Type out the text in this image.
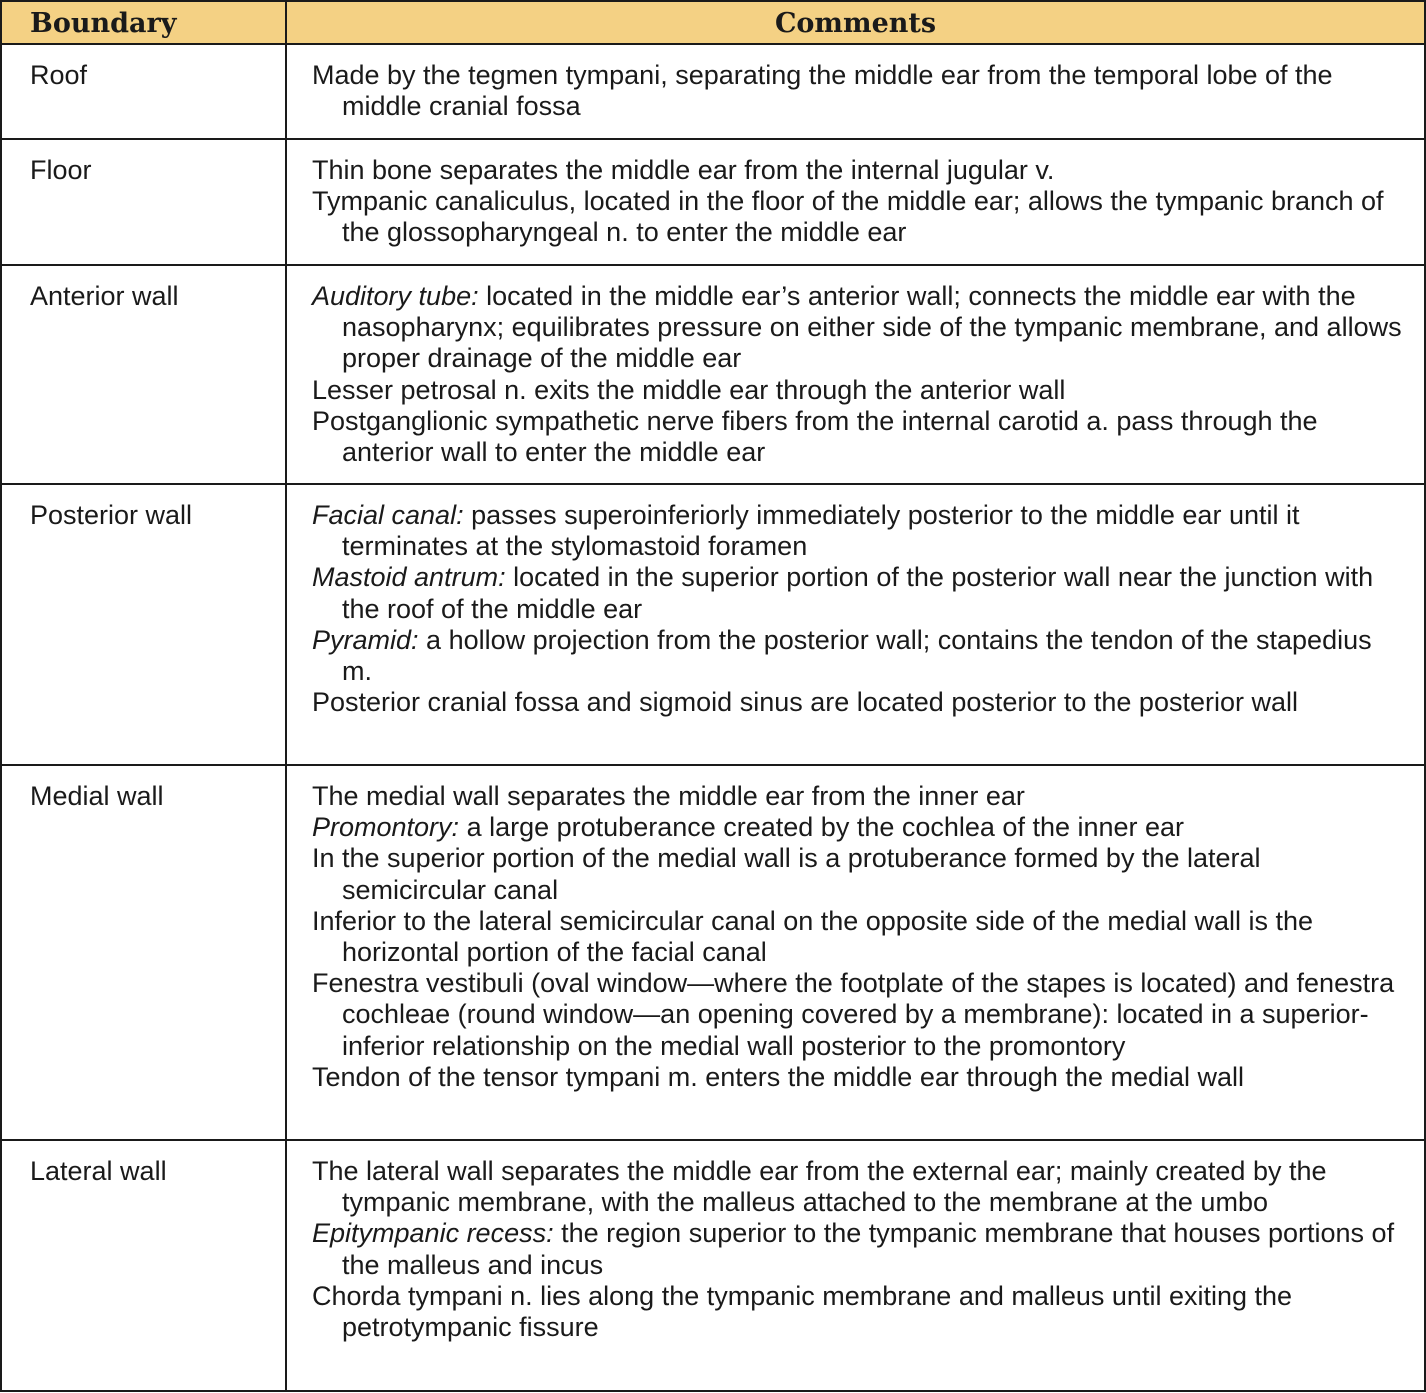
Boundary	Comments
Roof	Made by the tegmen tympani, separating the middle ear from the temporal lobe of the middle cranial fossa

Floor	Thin bone separates the middle ear from the internal jugular v.

Tympanic canaliculus, located in the floor of the middle ear; allows the tympanic branch of the glossopharyngeal n. to enter the middle ear

Anterior wall	Auditory tube: located in the middle ear’s anterior wall; connects the middle ear with the nasopharynx; equilibrates pressure on either side of the tympanic membrane, and allows proper drainage of the middle ear

Lesser petrosal n. exits the middle ear through the anterior wall

Postganglionic sympathetic nerve fibers from the internal carotid a. pass through the anterior wall to enter the middle ear

Posterior wall	Facial canal: passes superoinferiorly immediately posterior to the middle ear until it terminates at the stylomastoid foramen

Mastoid antrum: located in the superior portion of the posterior wall near the junction with the roof of the middle ear

Pyramid: a hollow projection from the posterior wall; contains the tendon of the stapedius m.

Posterior cranial fossa and sigmoid sinus are located posterior to the posterior wall

Medial wall	The medial wall separates the middle ear from the inner ear

Promontory: a large protuberance created by the cochlea of the inner ear

In the superior portion of the medial wall is a protuberance formed by the lateral semicircular canal

Inferior to the lateral semicircular canal on the opposite side of the medial wall is the horizontal portion of the facial canal

Fenestra vestibuli (oval window—where the footplate of the stapes is located) and fenestra cochleae (round window—an opening covered by a membrane): located in a superior-inferior relationship on the medial wall posterior to the promontory

Tendon of the tensor tympani m. enters the middle ear through the medial wall

Lateral wall	The lateral wall separates the middle ear from the external ear; mainly created by the tympanic membrane, with the malleus attached to the membrane at the umbo

Epitympanic recess: the region superior to the tympanic membrane that houses portions of the malleus and incus

Chorda tympani n. lies along the tympanic membrane and malleus until exiting the petrotympanic fissure
